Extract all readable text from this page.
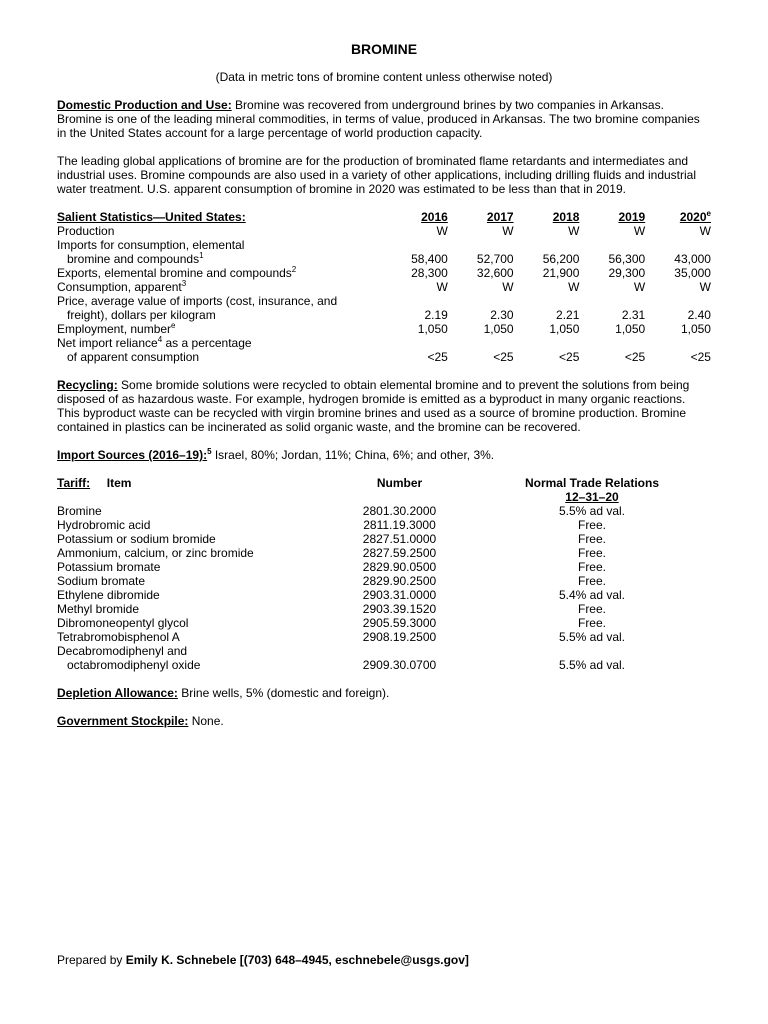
BROMINE
(Data in metric tons of bromine content unless otherwise noted)

Domestic Production and Use: Bromine was recovered from underground brines by two companies in Arkansas. Bromine is one of the leading mineral commodities, in terms of value, produced in Arkansas. The two bromine companies in the United States account for a large percentage of world production capacity.

The leading global applications of bromine are for the production of brominated flame retardants and intermediates and industrial uses. Bromine compounds are also used in a variety of other applications, including drilling fluids and industrial water treatment. U.S. apparent consumption of bromine in 2020 was estimated to be less than that in 2019.

Salient Statistics—United States:	2016	2017	2018	2019	2020e
Production	W	W	W	W	W
Imports for consumption, elemental
bromine and compounds$^1$	58,400	52,700	56,200	56,300	43,000
Exports, elemental bromine and compounds$^2$	28,300	32,600	21,900	29,300	35,000
Consumption, apparent$^3$	W	W	W	W	W
Price, average value of imports (cost, insurance, and
freight), dollars per kilogram	2.19	2.30	2.21	2.31	2.40
Employment, number$^e$	1,050	1,050	1,050	1,050	1,050
Net import reliance$^4$ as a percentage
of apparent consumption	<25	<25	<25	<25	<25

Recycling: Some bromide solutions were recycled to obtain elemental bromine and to prevent the solutions from being disposed of as hazardous waste. For example, hydrogen bromide is emitted as a byproduct in many organic reactions. This byproduct waste can be recycled with virgin bromine brines and used as a source of bromine production. Bromine contained in plastics can be incinerated as solid organic waste, and the bromine can be recovered.

Import Sources (2016–19):$^5$ Israel, 80%; Jordan, 11%; China, 6%; and other, 3%.

Tariff: Item	Number	Normal Trade Relations
12–31–20
Bromine	2801.30.2000	5.5% ad val.
Hydrobromic acid	2811.19.3000	Free.
Potassium or sodium bromide	2827.51.0000	Free.
Ammonium, calcium, or zinc bromide	2827.59.2500	Free.
Potassium bromate	2829.90.0500	Free.
Sodium bromate	2829.90.2500	Free.
Ethylene dibromide	2903.31.0000	5.4% ad val.
Methyl bromide	2903.39.1520	Free.
Dibromoneopentyl glycol	2905.59.3000	Free.
Tetrabromobisphenol A	2908.19.2500	5.5% ad val.
Decabromodiphenyl and
octabromodiphenyl oxide	2909.30.0700	5.5% ad val.

Depletion Allowance: Brine wells, 5% (domestic and foreign).

Government Stockpile: None.

Prepared by Emily K. Schnebele [(703) 648–4945, eschnebele@usgs.gov]
